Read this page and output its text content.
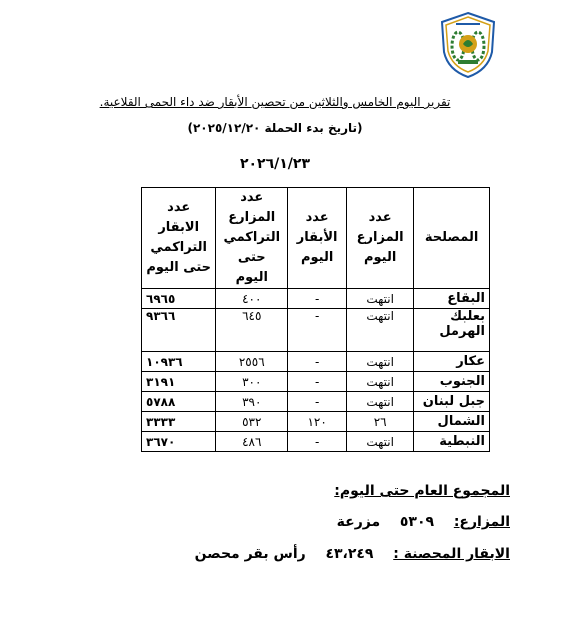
تقرير اليوم الخامس والثلاثين من تحصين الأبقار ضد داء الحمى القلاعية.
(تاريخ بدء الحملة ٢٠٢٥/١٢/٢٠)
٢٠٢٦/١/٢٣
المصلحة	عدد المزارع اليوم	عدد الأبقار اليوم	عدد المزارع التراكمي حتى اليوم	عدد الابقار التراكمي حتى اليوم
البقاع	انتهت	-	٤٠٠	٦٩٦٥
بعلبك الهرمل	انتهت	-	٦٤٥	٩٣٦٦
عكار	انتهت	-	٢٥٥٦	١٠٩٣٦
الجنوب	انتهت	-	٣٠٠	٣١٩١
جبل لبنان	انتهت	-	٣٩٠	٥٧٨٨
الشمال	٢٦	١٢٠	٥٣٢	٣٣٣٣
النبطية	انتهت	-	٤٨٦	٣٦٧٠
المجموع العام حتى اليوم:
المزارع:  ٥٣٠٩  مزرعة
الابقار المحصنة :  ٤٣،٢٤٩  رأس بقر محصن
